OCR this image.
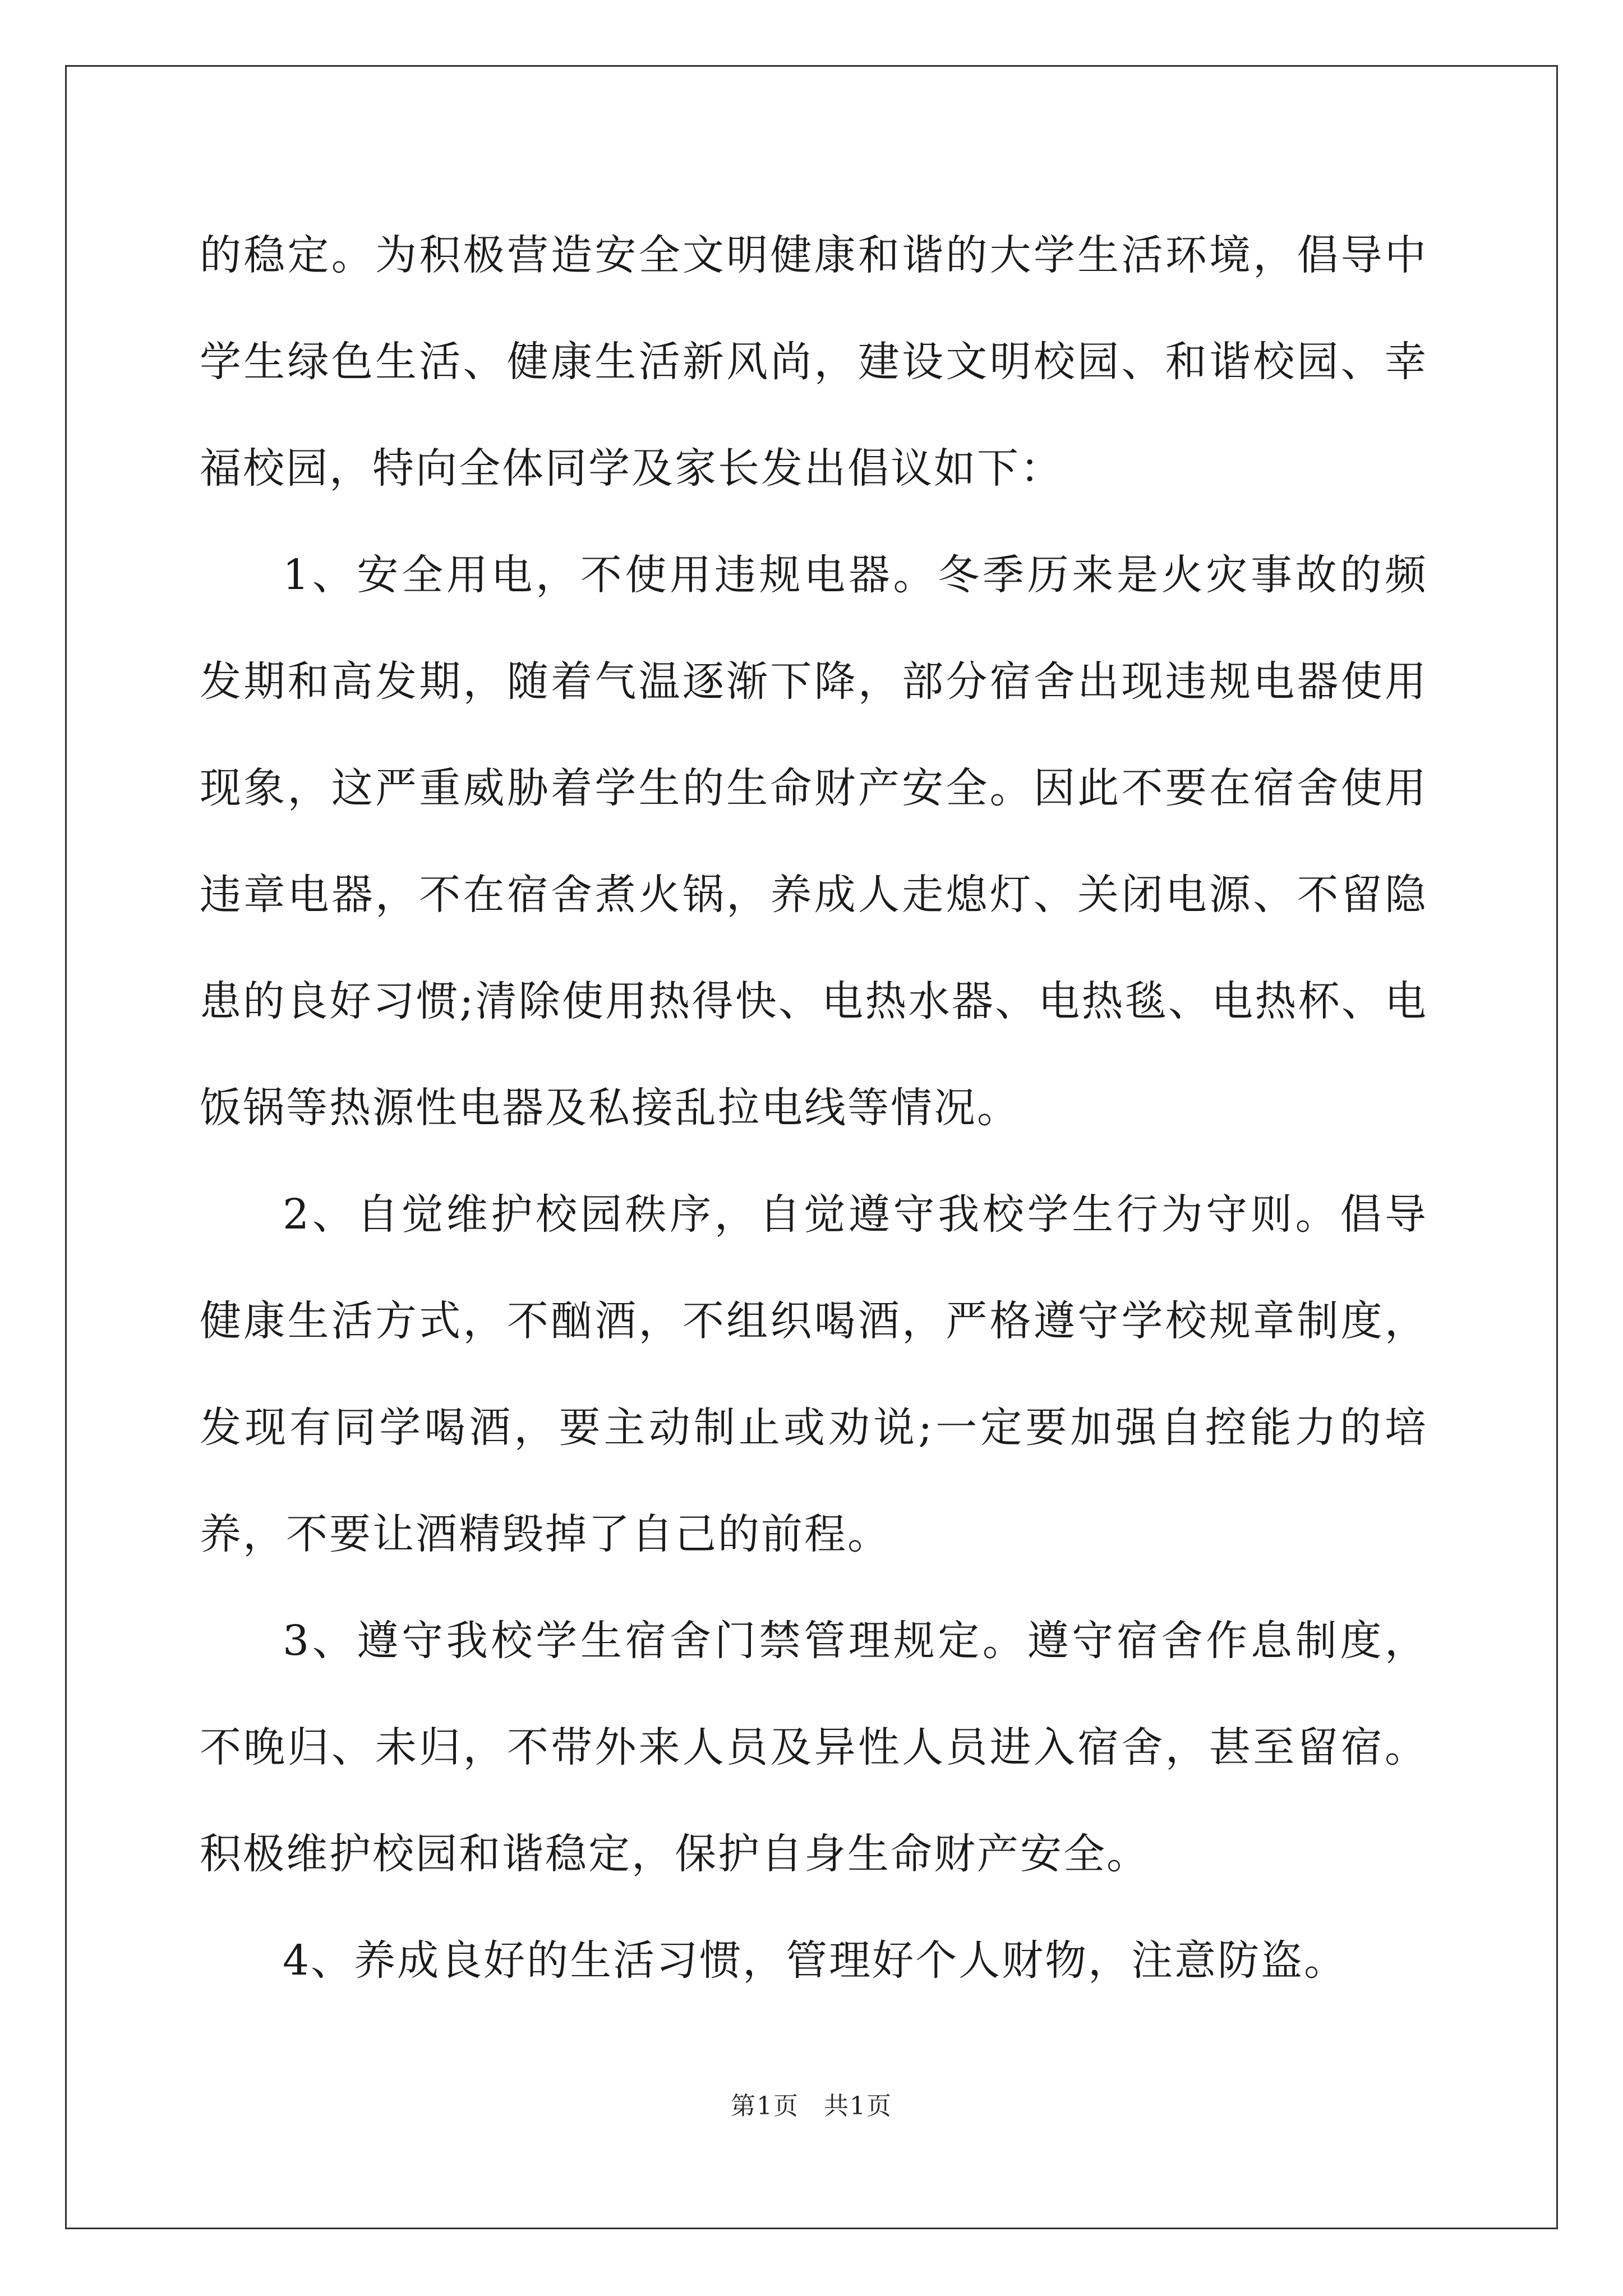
的稳定。为积极营造安全文明健康和谐的大学生活环境，倡导中学生绿色生活、健康生活新风尚，建设文明校园、和谐校园、幸福校园，特向全体同学及家长发出倡议如下：

1、安全用电，不使用违规电器。冬季历来是火灾事故的频发期和高发期，随着气温逐渐下降，部分宿舍出现违规电器使用现象，这严重威胁着学生的生命财产安全。因此不要在宿舍使用违章电器，不在宿舍煮火锅，养成人走熄灯、关闭电源、不留隐患的良好习惯;清除使用热得快、电热水器、电热毯、电热杯、电饭锅等热源性电器及私接乱拉电线等情况。

2、自觉维护校园秩序，自觉遵守我校学生行为守则。倡导健康生活方式，不酗酒，不组织喝酒，严格遵守学校规章制度，发现有同学喝酒，要主动制止或劝说;一定要加强自控能力的培养，不要让酒精毁掉了自己的前程。

3、遵守我校学生宿舍门禁管理规定。遵守宿舍作息制度，不晚归、未归，不带外来人员及异性人员进入宿舍，甚至留宿。积极维护校园和谐稳定，保护自身生命财产安全。

4、养成良好的生活习惯，管理好个人财物，注意防盗。

第1页 共1页
